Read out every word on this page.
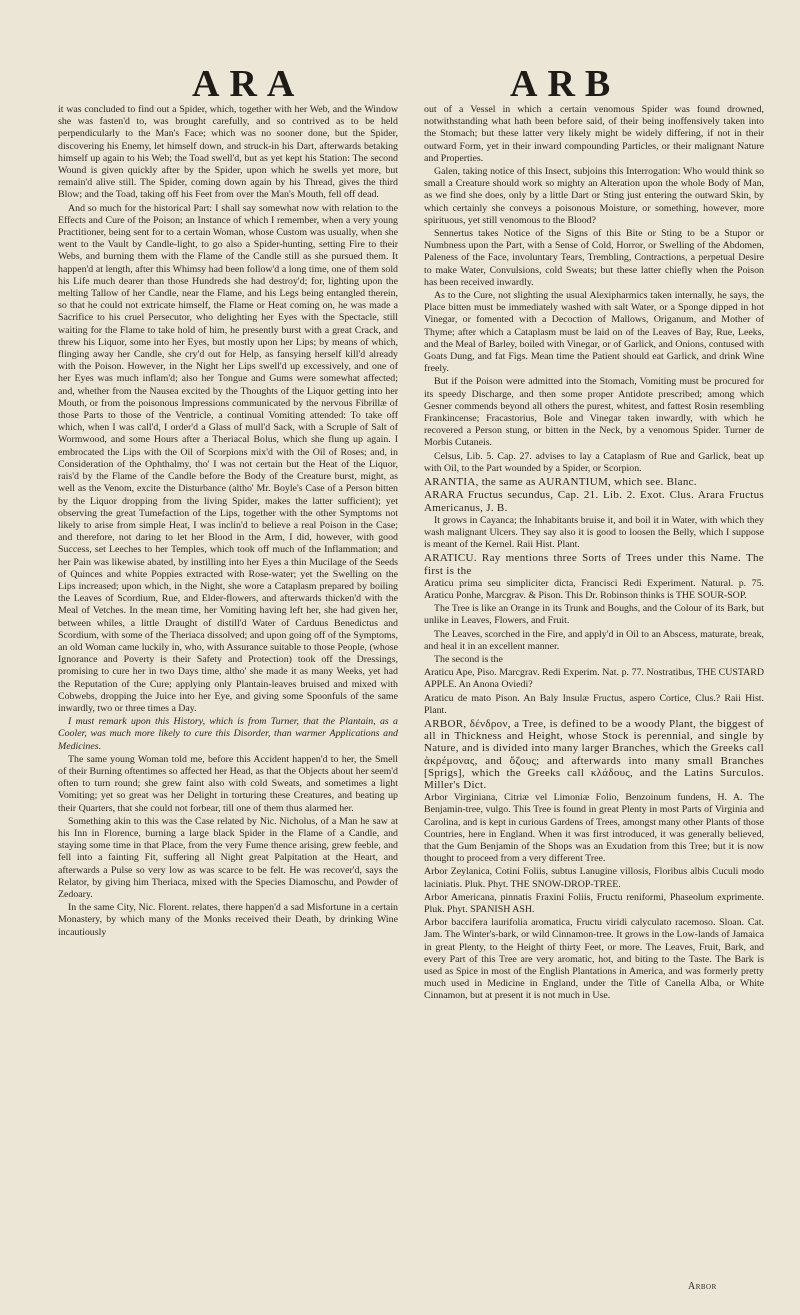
ARA	ARB

it was concluded to find out a Spider, which, together with her Web, and the Window she was fasten'd to, was brought carefully, and so contrived as to be held perpendicularly to the Man's Face; which was no sooner done, but the Spider, discovering his Enemy, let himself down, and struck-in his Dart, afterwards betaking himself up again to his Web; the Toad swell'd, but as yet kept his Station: The second Wound is given quickly after by the Spider, upon which he swells yet more, but remain'd alive still. The Spider, coming down again by his Thread, gives the third Blow; and the Toad, taking off his Feet from over the Man's Mouth, fell off dead.

And so much for the historical Part: I shall say somewhat now with relation to the Effects and Cure of the Poison; an Instance of which I remember, when a very young Practitioner, being sent for to a certain Woman, whose Custom was usually, when she went to the Vault by Candle-light, to go also a Spider-hunting, setting Fire to their Webs, and burning them with the Flame of the Candle still as she pursued them. It happen'd at length, after this Whimsy had been follow'd a long time, one of them sold his Life much dearer than those Hundreds she had destroy'd; for, lighting upon the melting Tallow of her Candle, near the Flame, and his Legs being entangled therein, so that he could not extricate himself, the Flame or Heat coming on, he was made a Sacrifice to his cruel Persecutor, who delighting her Eyes with the Spectacle, still waiting for the Flame to take hold of him, he presently burst with a great Crack, and threw his Liquor, some into her Eyes, but mostly upon her Lips; by means of which, flinging away her Candle, she cry'd out for Help, as fansying herself kill'd already with the Poison. However, in the Night her Lips swell'd up excessively, and one of her Eyes was much inflam'd; also her Tongue and Gums were somewhat affected; and, whether from the Nausea excited by the Thoughts of the Liquor getting into her Mouth, or from the poisonous Impressions communicated by the nervous Fibrillæ of those Parts to those of the Ventricle, a continual Vomiting attended: To take off which, when I was call'd, I order'd a Glass of mull'd Sack, with a Scruple of Salt of Wormwood, and some Hours after a Theriacal Bolus, which she flung up again. I embrocated the Lips with the Oil of Scorpions mix'd with the Oil of Roses; and, in Consideration of the Ophthalmy, tho' I was not certain but the Heat of the Liquor, rais'd by the Flame of the Candle before the Body of the Creature burst, might, as well as the Venom, excite the Disturbance (altho' Mr. Boyle's Case of a Person bitten by the Liquor dropping from the living Spider, makes the latter sufficient); yet observing the great Tumefaction of the Lips, together with the other Symptoms not likely to arise from simple Heat, I was inclin'd to believe a real Poison in the Case; and therefore, not daring to let her Blood in the Arm, I did, however, with good Success, set Leeches to her Temples, which took off much of the Inflammation; and her Pain was likewise abated, by instilling into her Eyes a thin Mucilage of the Seeds of Quinces and white Poppies extracted with Rose-water; yet the Swelling on the Lips increased; upon which, in the Night, she wore a Cataplasm prepared by boiling the Leaves of Scordium, Rue, and Elder-flowers, and afterwards thicken'd with the Meal of Vetches. In the mean time, her Vomiting having left her, she had given her, between whiles, a little Draught of distill'd Water of Carduus Benedictus and Scordium, with some of the Theriaca dissolved; and upon going off of the Symptoms, an old Woman came luckily in, who, with Assurance suitable to those People, (whose Ignorance and Poverty is their Safety and Protection) took off the Dressings, promising to cure her in two Days time, altho' she made it as many Weeks, yet had the Reputation of the Cure; applying only Plantain-leaves bruised and mixed with Cobwebs, dropping the Juice into her Eye, and giving some Spoonfuls of the same inwardly, two or three times a Day.

I must remark upon this History, which is from Turner, that the Plantain, as a Cooler, was much more likely to cure this Disorder, than warmer Applications and Medicines.

The same young Woman told me, before this Accident happen'd to her, the Smell of their Burning oftentimes so affected her Head, as that the Objects about her seem'd often to turn round; she grew faint also with cold Sweats, and sometimes a light Vomiting; yet so great was her Delight in torturing these Creatures, and beating up their Quarters, that she could not forbear, till one of them thus alarmed her.

Something akin to this was the Case related by Nic. Nicholus, of a Man he saw at his Inn in Florence, burning a large black Spider in the Flame of a Candle, and staying some time in that Place, from the very Fume thence arising, grew feeble, and fell into a fainting Fit, suffering all Night great Palpitation at the Heart, and afterwards a Pulse so very low as was scarce to be felt. He was recover'd, says the Relator, by giving him Theriaca, mixed with the Species Diamoschu, and Powder of Zedoary.

In the same City, Nic. Florent. relates, there happen'd a sad Misfortune in a certain Monastery, by which many of the Monks received their Death, by drinking Wine incautiously

out of a Vessel in which a certain venomous Spider was found drowned, notwithstanding what hath been before said, of their being inoffensively taken into the Stomach; but these latter very likely might be widely differing, if not in their outward Form, yet in their inward compounding Particles, or their malignant Nature and Properties.

Galen, taking notice of this Insect, subjoins this Interrogation: Who would think so small a Creature should work so mighty an Alteration upon the whole Body of Man, as we find she does, only by a little Dart or Sting just entering the outward Skin, by which certainly she conveys a poisonous Moisture, or something, however, more spirituous, yet still venomous to the Blood?

Sennertus takes Notice of the Signs of this Bite or Sting to be a Stupor or Numbness upon the Part, with a Sense of Cold, Horror, or Swelling of the Abdomen, Paleness of the Face, involuntary Tears, Trembling, Contractions, a perpetual Desire to make Water, Convulsions, cold Sweats; but these latter chiefly when the Poison has been received inwardly.

As to the Cure, not slighting the usual Alexipharmics taken internally, he says, the Place bitten must be immediately washed with salt Water, or a Sponge dipped in hot Vinegar, or fomented with a Decoction of Mallows, Origanum, and Mother of Thyme; after which a Cataplasm must be laid on of the Leaves of Bay, Rue, Leeks, and the Meal of Barley, boiled with Vinegar, or of Garlick, and Onions, contused with Goats Dung, and fat Figs. Mean time the Patient should eat Garlick, and drink Wine freely.

But if the Poison were admitted into the Stomach, Vomiting must be procured for its speedy Discharge, and then some proper Antidote prescribed; among which Gesner commends beyond all others the purest, whitest, and fattest Rosin resembling Frankincense; Fracastorius, Bole and Vinegar taken inwardly, with which he recovered a Person stung, or bitten in the Neck, by a venomous Spider. Turner de Morbis Cutaneis.

Celsus, Lib. 5. Cap. 27. advises to lay a Cataplasm of Rue and Garlick, beat up with Oil, to the Part wounded by a Spider, or Scorpion.

ARANTIA, the same as AURANTIUM, which see. Blanc.

ARARA Fructus secundus, Cap. 21. Lib. 2. Exot. Clus. Arara Fructus Americanus, J. B.

It grows in Cayanca; the Inhabitants bruise it, and boil it in Water, with which they wash malignant Ulcers. They say also it is good to loosen the Belly, which I suppose is meant of the Kernel. Raii Hist. Plant.

ARATICU. Ray mentions three Sorts of Trees under this Name. The first is the

Araticu prima seu simpliciter dicta, Francisci Redi Experiment. Natural. p. 75. Araticu Ponhe, Marcgrav. & Pison. This Dr. Robinson thinks is THE SOUR-SOP.

The Tree is like an Orange in its Trunk and Boughs, and the Colour of its Bark, but unlike in Leaves, Flowers, and Fruit.

The Leaves, scorched in the Fire, and apply'd in Oil to an Abscess, maturate, break, and heal it in an excellent manner.

The second is the

Araticu Ape, Piso. Marcgrav. Redi Experim. Nat. p. 77. Nostratibus, THE CUSTARD APPLE. An Anona Oviedi?

Araticu de mato Pison. An Baly Insulæ Fructus, aspero Cortice, Clus.? Raii Hist. Plant.

ARBOR, δένδρον, a Tree, is defined to be a woody Plant, the biggest of all in Thickness and Height, whose Stock is perennial, and single by Nature, and is divided into many larger Branches, which the Greeks call ἀκρέμονας, and ὄζους; and afterwards into many small Branches [Sprigs], which the Greeks call κλάδους, and the Latins Surculos. Miller's Dict.

Arbor Virginiana, Citriæ vel Limoniæ Folio, Benzoinum fundens, H. A. The Benjamin-tree, vulgo. This Tree is found in great Plenty in most Parts of Virginia and Carolina, and is kept in curious Gardens of Trees, amongst many other Plants of those Countries, here in England. When it was first introduced, it was generally believed, that the Gum Benjamin of the Shops was an Exudation from this Tree; but it is now thought to proceed from a very different Tree.

Arbor Zeylanica, Cotini Foliis, subtus Lanugine villosis, Floribus albis Cuculi modo laciniatis. Pluk. Phyt. THE SNOW-DROP-TREE.

Arbor Americana, pinnatis Fraxini Foliis, Fructu reniformi, Phaseolum exprimente. Pluk. Phyt. SPANISH ASH.

Arbor baccifera laurifolia aromatica, Fructu viridi calyculato racemoso. Sloan. Cat. Jam. The Winter's-bark, or wild Cinnamon-tree. It grows in the Low-lands of Jamaica in great Plenty, to the Height of thirty Feet, or more. The Leaves, Fruit, Bark, and every Part of this Tree are very aromatic, hot, and biting to the Taste. The Bark is used as Spice in most of the English Plantations in America, and was formerly pretty much used in Medicine in England, under the Title of Canella Alba, or White Cinnamon, but at present it is not much in Use.

Arbor
